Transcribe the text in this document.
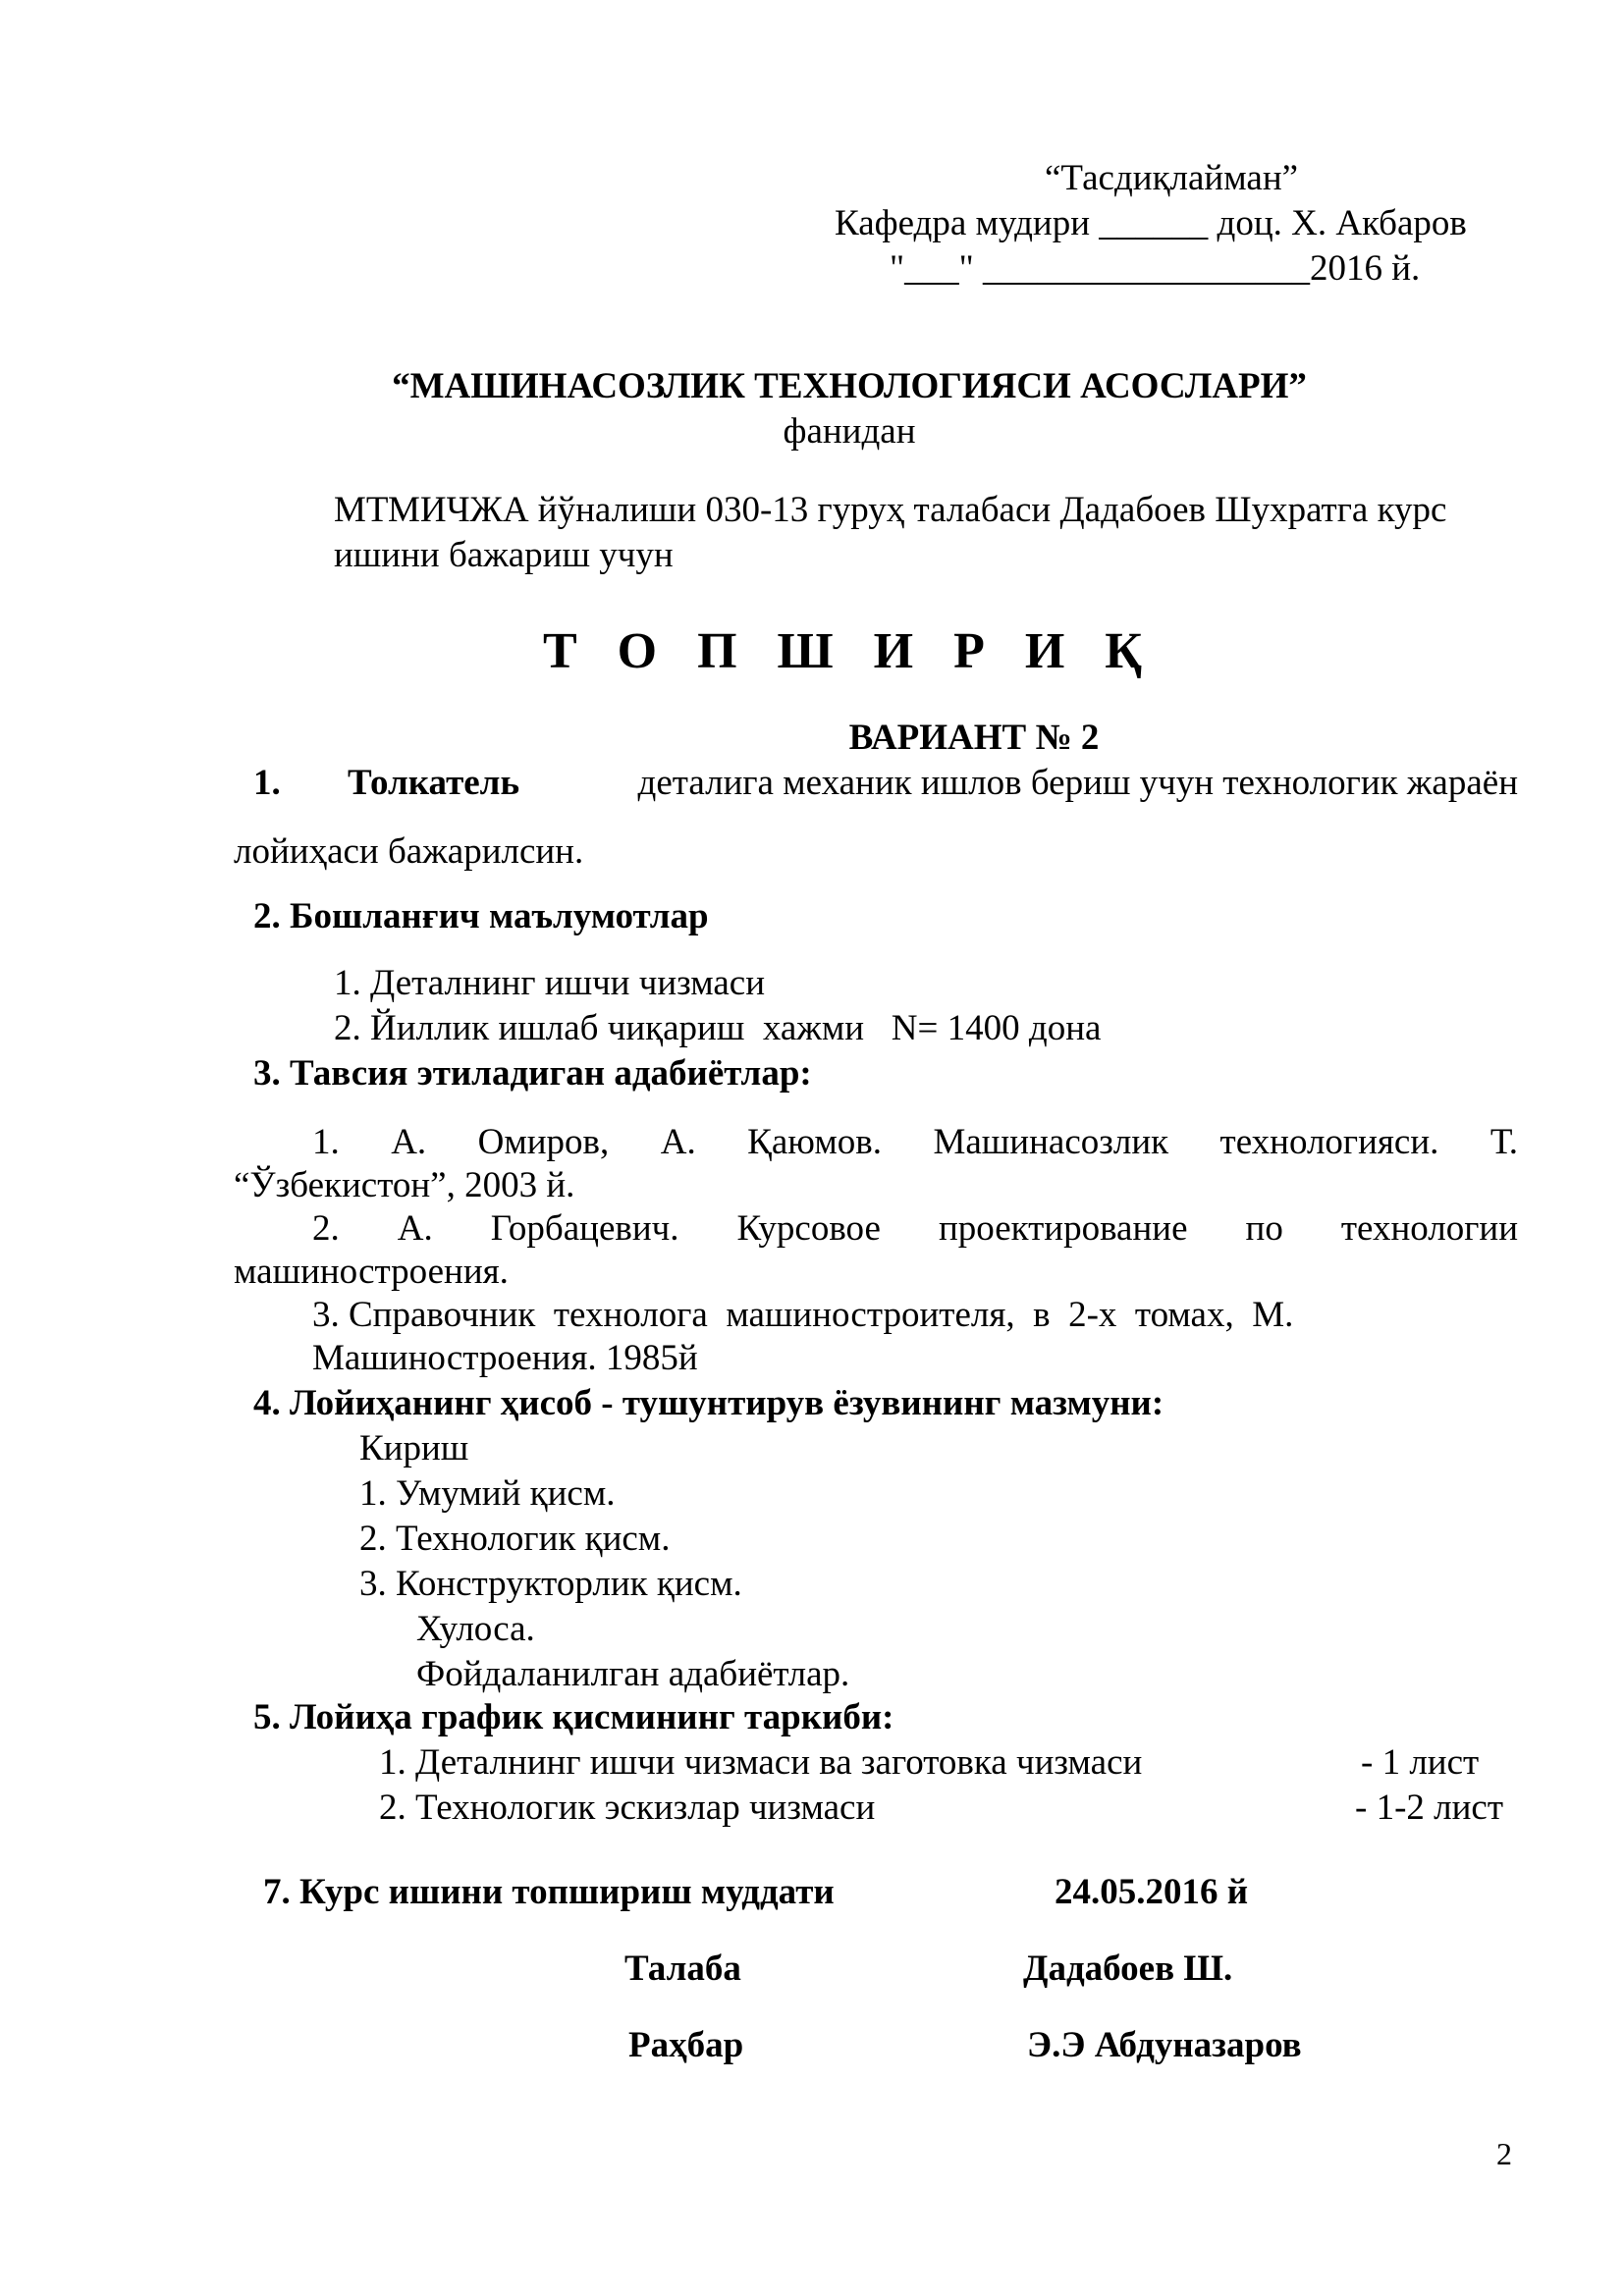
“Тасдиқлайман”
Кафедра мудири ______ доц. Х. Акбаров
"___" __________________2016 й.
“МАШИНАСОЗЛИК ТЕХНОЛОГИЯСИ АСОСЛАРИ”
фанидан
МТМИЧЖА йўналиши 030-13 гуруҳ талабаси Дадабоев Шухратга курс
ишини бажариш учун
Т О П Ш И Р И Қ
ВАРИАНТ № 2
1. Толкатель	деталига механик ишлов бериш учун технологик жараён
лойиҳаси бажарилсин.
2. Бошланғич маълумотлар
1. Деталнинг ишчи чизмаси
2. Йиллик ишлаб чиқариш  хажми   N= 1400 дона
3. Тавсия этиладиган адабиётлар:
1. А. Омиров, А. Қаюмов. Машинасозлик технологияси. Т.
“Ўзбекистон”, 2003 й.
2. А. Горбацевич. Курсовое проектирование по технологии
машиностроения.
3. Справочник  технолога  машиностроителя,  в  2-х  томах,  М.
Машиностроения. 1985й
4. Лойиҳанинг ҳисоб - тушунтирув ёзувининг мазмуни:
Кириш
1. Умумий қисм.
2. Технологик қисм.
3. Конструкторлик қисм.
Хулоса.
Фойдаланилган адабиётлар.
5. Лойиҳа график қисмининг таркиби:
1. Деталнинг ишчи чизмаси ва заготовка чизмаси	- 1 лист
2. Технологик эскизлар чизмаси	- 1-2 лист
7. Курс ишини топшириш муддати	24.05.2016 й
Талаба	Дадабоев Ш.
Раҳбар	Э.Э Абдуназаров
2
